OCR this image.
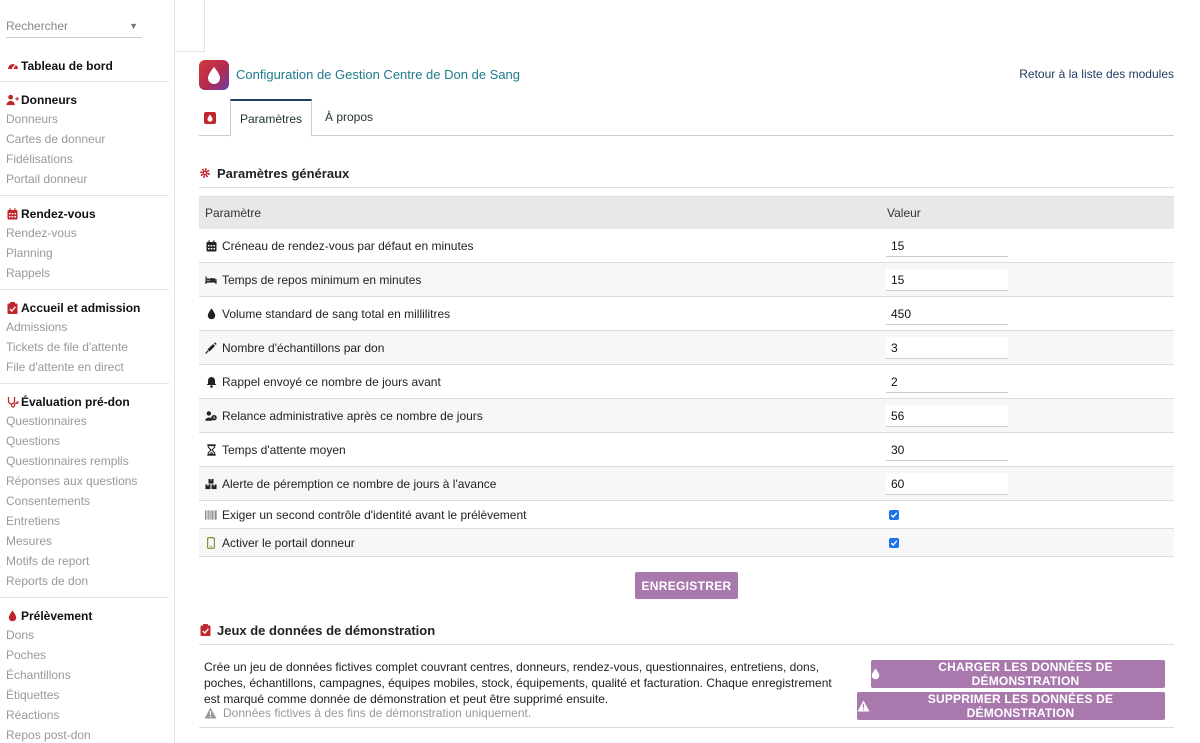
Rechercher	▼
Tableau de bord
Donneurs
Donneurs
Cartes de donneur
Fidélisations
Portail donneur
Rendez-vous
Rendez-vous
Planning
Rappels
Accueil et admission
Admissions
Tickets de file d'attente
File d'attente en direct
Évaluation pré-don
Questionnaires
Questions
Questionnaires remplis
Réponses aux questions
Consentements
Entretiens
Mesures
Motifs de report
Reports de don
Prélèvement
Dons
Poches
Échantillons
Étiquettes
Réactions
Repos post-don
Configuration de Gestion Centre de Don de Sang	Retour à la liste des modules
Paramètres	À propos
Paramètres généraux
Paramètre	Valeur
Créneau de rendez-vous par défaut en minutes	15
Temps de repos minimum en minutes	15
Volume standard de sang total en millilitres	450
Nombre d'échantillons par don	3
Rappel envoyé ce nombre de jours avant	2
Relance administrative après ce nombre de jours	56
Temps d'attente moyen	30
Alerte de péremption ce nombre de jours à l'avance	60
Exiger un second contrôle d'identité avant le prélèvement
Activer le portail donneur
ENREGISTRER
Jeux de données de démonstration
Crée un jeu de données fictives complet couvrant centres, donneurs, rendez-vous, questionnaires, entretiens, dons, poches, échantillons, campagnes, équipes mobiles, stock, équipements, qualité et facturation. Chaque enregistrement est marqué comme donnée de démonstration et peut être supprimé ensuite.
Données fictives à des fins de démonstration uniquement.
CHARGER LES DONNÉES DE DÉMONSTRATION
SUPPRIMER LES DONNÉES DE DÉMONSTRATION
